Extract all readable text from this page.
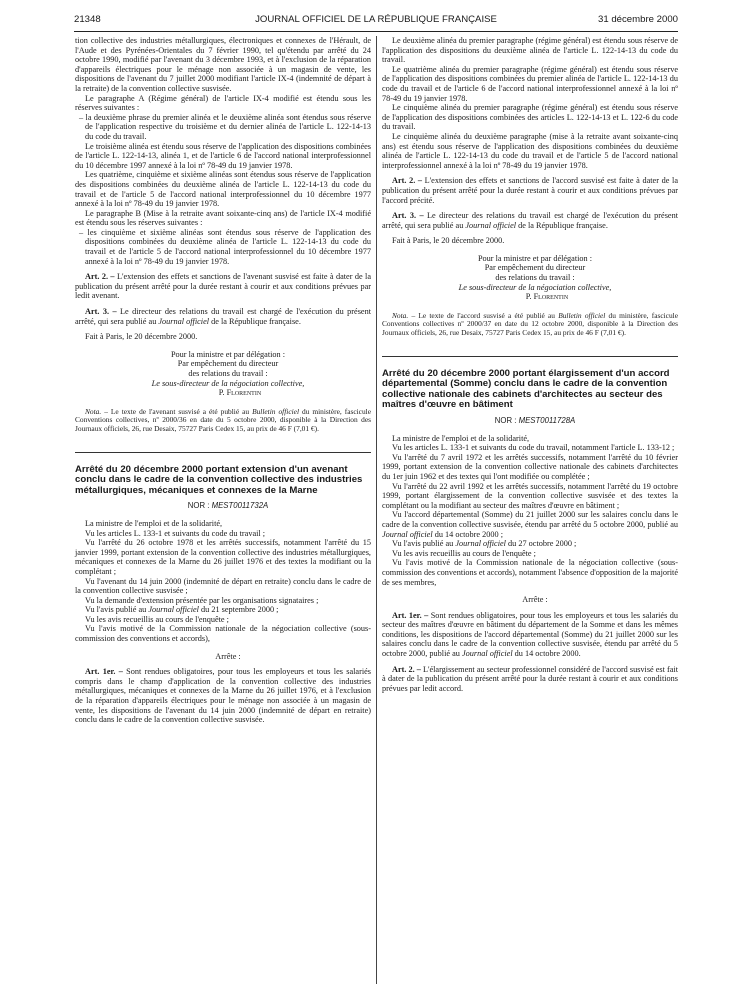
21348	JOURNAL OFFICIEL DE LA RÉPUBLIQUE FRANÇAISE	31 décembre 2000

tion collective des industries métallurgiques, électroniques et connexes de l'Hérault, de l'Aude et des Pyrénées-Orientales du 7 février 1990, tel qu'étendu par arrêté du 24 octobre 1990, modifié par l'avenant du 3 décembre 1993, et à l'exclusion de la réparation d'appareils électriques pour le ménage non associée à un magasin de vente, les dispositions de l'avenant du 7 juillet 2000 modifiant l'article IX-4 (indemnité de départ à la retraite) de la convention collective susvisée.

Le paragraphe A (Régime général) de l'article IX-4 modifié est étendu sous les réserves suivantes :

– la deuxième phrase du premier alinéa et le deuxième alinéa sont étendus sous réserve de l'application respective du troisième et du dernier alinéa de l'article L. 122-14-13 du code du travail.

Le troisième alinéa est étendu sous réserve de l'application des dispositions combinées de l'article L. 122-14-13, alinéa 1, et de l'article 6 de l'accord national interprofessionnel du 10 décembre 1997 annexé à la loi nº 78-49 du 19 janvier 1978.

Les quatrième, cinquième et sixième alinéas sont étendus sous réserve de l'application des dispositions combinées du deuxième alinéa de l'article L. 122-14-13 du code du travail et de l'article 5 de l'accord national interprofessionnel du 10 décembre 1977 annexé à la loi nº 78-49 du 19 janvier 1978.

Le paragraphe B (Mise à la retraite avant soixante-cinq ans) de l'article IX-4 modifié est étendu sous les réserves suivantes :

– les cinquième et sixième alinéas sont étendus sous réserve de l'application des dispositions combinées du deuxième alinéa de l'article L. 122-14-13 du code du travail et de l'article 5 de l'accord national interprofessionnel du 10 décembre 1977 annexé à la loi nº 78-49 du 19 janvier 1978.

Art. 2. – L'extension des effets et sanctions de l'avenant susvisé est faite à dater de la publication du présent arrêté pour la durée restant à courir et aux conditions prévues par ledit avenant.

Art. 3. – Le directeur des relations du travail est chargé de l'exécution du présent arrêté, qui sera publié au Journal officiel de la République française.

Fait à Paris, le 20 décembre 2000.

Pour la ministre et par délégation :

Par empêchement du directeur

des relations du travail :

Le sous-directeur de la négociation collective,

P. Florentin

Nota. – Le texte de l'avenant susvisé a été publié au Bulletin officiel du ministère, fascicule Conventions collectives, nº 2000/36 en date du 5 octobre 2000, disponible à la Direction des Journaux officiels, 26, rue Desaix, 75727 Paris Cedex 15, au prix de 46 F (7,01 €).

Arrêté du 20 décembre 2000 portant extension d'un avenant conclu dans le cadre de la convention collective des industries métallurgiques, mécaniques et connexes de la Marne

NOR : MEST0011732A

La ministre de l'emploi et de la solidarité,

Vu les articles L. 133-1 et suivants du code du travail ;

Vu l'arrêté du 26 octobre 1978 et les arrêtés successifs, notamment l'arrêté du 15 janvier 1999, portant extension de la convention collective des industries métallurgiques, mécaniques et connexes de la Marne du 26 juillet 1976 et des textes la modifiant ou la complétant ;

Vu l'avenant du 14 juin 2000 (indemnité de départ en retraite) conclu dans le cadre de la convention collective susvisée ;

Vu la demande d'extension présentée par les organisations signataires ;

Vu l'avis publié au Journal officiel du 21 septembre 2000 ;

Vu les avis recueillis au cours de l'enquête ;

Vu l'avis motivé de la Commission nationale de la négociation collective (sous-commission des conventions et accords),

Arrête :

Art. 1er. – Sont rendues obligatoires, pour tous les employeurs et tous les salariés compris dans le champ d'application de la convention collective des industries métallurgiques, mécaniques et connexes de la Marne du 26 juillet 1976, et à l'exclusion de la réparation d'appareils électriques pour le ménage non associée à un magasin de vente, les dispositions de l'avenant du 14 juin 2000 (indemnité de départ en retraite) conclu dans le cadre de la convention collective susvisée.

Le deuxième alinéa du premier paragraphe (régime général) est étendu sous réserve de l'application des dispositions du deuxième alinéa de l'article L. 122-14-13 du code du travail.

Le quatrième alinéa du premier paragraphe (régime général) est étendu sous réserve de l'application des dispositions combinées du premier alinéa de l'article L. 122-14-13 du code du travail et de l'article 6 de l'accord national interprofessionnel annexé à la loi nº 78-49 du 19 janvier 1978.

Le cinquième alinéa du premier paragraphe (régime général) est étendu sous réserve de l'application des dispositions combinées des articles L. 122-14-13 et L. 122-6 du code du travail.

Le cinquième alinéa du deuxième paragraphe (mise à la retraite avant soixante-cinq ans) est étendu sous réserve de l'application des dispositions combinées du deuxième alinéa de l'article L. 122-14-13 du code du travail et de l'article 5 de l'accord national interprofessionnel annexé à la loi nº 78-49 du 19 janvier 1978.

Art. 2. – L'extension des effets et sanctions de l'accord susvisé est faite à dater de la publication du présent arrêté pour la durée restant à courir et aux conditions prévues par l'accord précité.

Art. 3. – Le directeur des relations du travail est chargé de l'exécution du présent arrêté, qui sera publié au Journal officiel de la République française.

Fait à Paris, le 20 décembre 2000.

Pour la ministre et par délégation :

Par empêchement du directeur

des relations du travail :

Le sous-directeur de la négociation collective,

P. Florentin

Nota. – Le texte de l'accord susvisé a été publié au Bulletin officiel du ministère, fascicule Conventions collectives nº 2000/37 en date du 12 octobre 2000, disponible à la Direction des Journaux officiels, 26, rue Desaix, 75727 Paris Cedex 15, au prix de 46 F (7,01 €).

Arrêté du 20 décembre 2000 portant élargissement d'un accord départemental (Somme) conclu dans le cadre de la convention collective nationale des cabinets d'architectes au secteur des maîtres d'œuvre en bâtiment

NOR : MEST0011728A

La ministre de l'emploi et de la solidarité,

Vu les articles L. 133-1 et suivants du code du travail, notamment l'article L. 133-12 ;

Vu l'arrêté du 7 avril 1972 et les arrêtés successifs, notamment l'arrêté du 10 février 1999, portant extension de la convention collective nationale des cabinets d'architectes du 1er juin 1962 et des textes qui l'ont modifiée ou complétée ;

Vu l'arrêté du 22 avril 1992 et les arrêtés successifs, notamment l'arrêté du 19 octobre 1999, portant élargissement de la convention collective susvisée et des textes la complétant ou la modifiant au secteur des maîtres d'œuvre en bâtiment ;

Vu l'accord départemental (Somme) du 21 juillet 2000 sur les salaires conclu dans le cadre de la convention collective susvisée, étendu par arrêté du 5 octobre 2000, publié au Journal officiel du 14 octobre 2000 ;

Vu l'avis publié au Journal officiel du 27 octobre 2000 ;

Vu les avis recueillis au cours de l'enquête ;

Vu l'avis motivé de la Commission nationale de la négociation collective (sous-commission des conventions et accords), notamment l'absence d'opposition de la majorité de ses membres,

Arrête :

Art. 1er. – Sont rendues obligatoires, pour tous les employeurs et tous les salariés du secteur des maîtres d'œuvre en bâtiment du département de la Somme et dans les mêmes conditions, les dispositions de l'accord départemental (Somme) du 21 juillet 2000 sur les salaires conclu dans le cadre de la convention collective susvisée, étendu par arrêté du 5 octobre 2000, publié au Journal officiel du 14 octobre 2000.

Art. 2. – L'élargissement au secteur professionnel considéré de l'accord susvisé est fait à dater de la publication du présent arrêté pour la durée restant à courir et aux conditions prévues par ledit accord.
